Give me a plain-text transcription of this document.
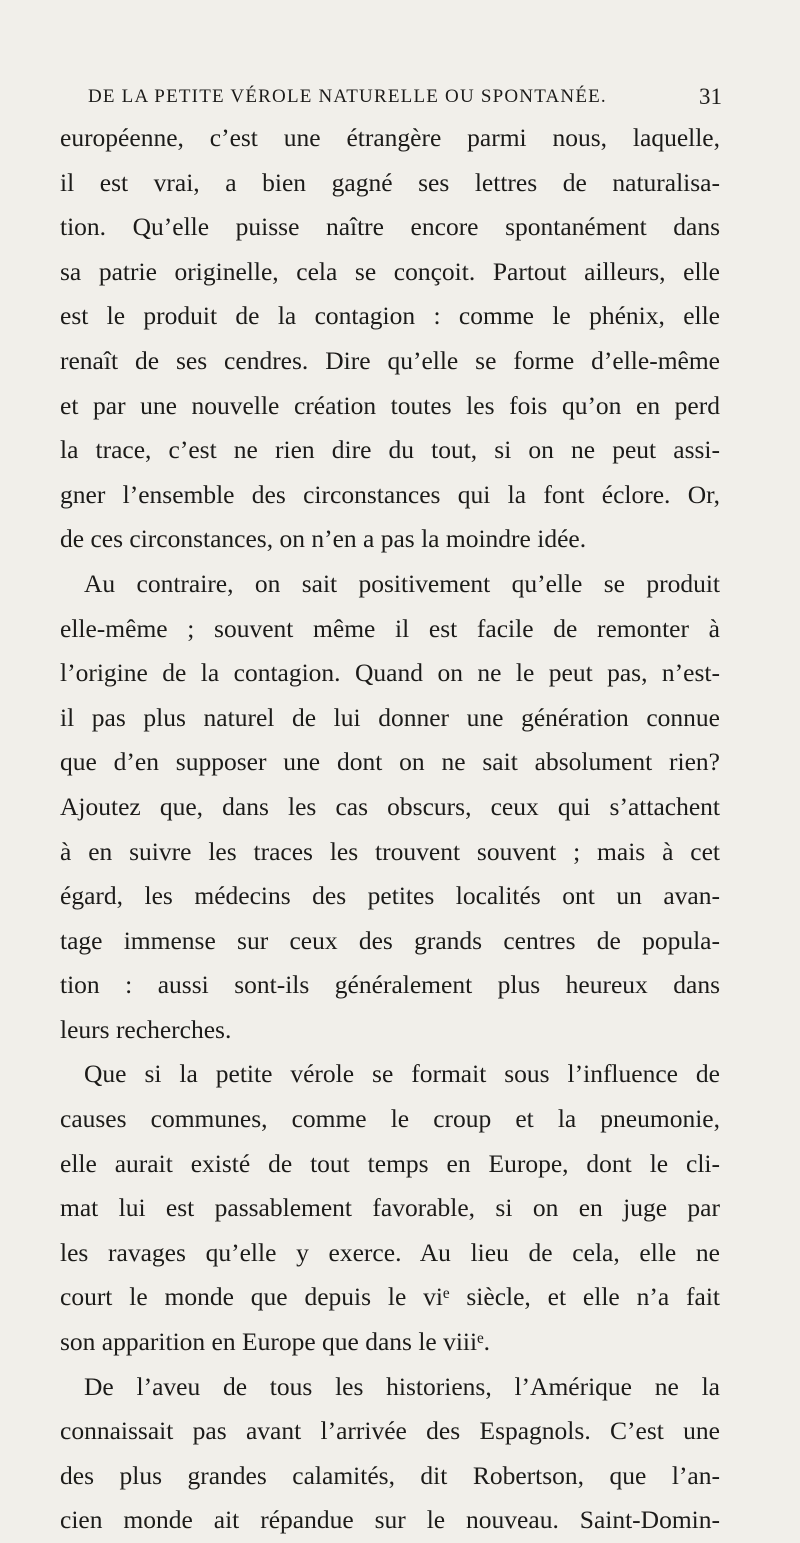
DE LA PETITE VÉROLE NATURELLE OU SPONTANÉE.	31
européenne, c’est une étrangère parmi nous, laquelle,
il est vrai, a bien gagné ses lettres de naturalisa-
tion. Qu’elle puisse naître encore spontanément dans
sa patrie originelle, cela se conçoit. Partout ailleurs, elle
est le produit de la contagion : comme le phénix, elle
renaît de ses cendres. Dire qu’elle se forme d’elle-même
et par une nouvelle création toutes les fois qu’on en perd
la trace, c’est ne rien dire du tout, si on ne peut assi-
gner l’ensemble des circonstances qui la font éclore. Or,
de ces circonstances, on n’en a pas la moindre idée.
Au contraire, on sait positivement qu’elle se produit
elle-même ; souvent même il est facile de remonter à
l’origine de la contagion. Quand on ne le peut pas, n’est-
il pas plus naturel de lui donner une génération connue
que d’en supposer une dont on ne sait absolument rien?
Ajoutez que, dans les cas obscurs, ceux qui s’attachent
à en suivre les traces les trouvent souvent ; mais à cet
égard, les médecins des petites localités ont un avan-
tage immense sur ceux des grands centres de popula-
tion : aussi sont-ils généralement plus heureux dans
leurs recherches.
Que si la petite vérole se formait sous l’influence de
causes communes, comme le croup et la pneumonie,
elle aurait existé de tout temps en Europe, dont le cli-
mat lui est passablement favorable, si on en juge par
les ravages qu’elle y exerce. Au lieu de cela, elle ne
court le monde que depuis le viᵉ siècle, et elle n’a fait
son apparition en Europe que dans le viiiᵉ.
De l’aveu de tous les historiens, l’Amérique ne la
connaissait pas avant l’arrivée des Espagnols. C’est une
des plus grandes calamités, dit Robertson, que l’an-
cien monde ait répandue sur le nouveau. Saint-Domin-
